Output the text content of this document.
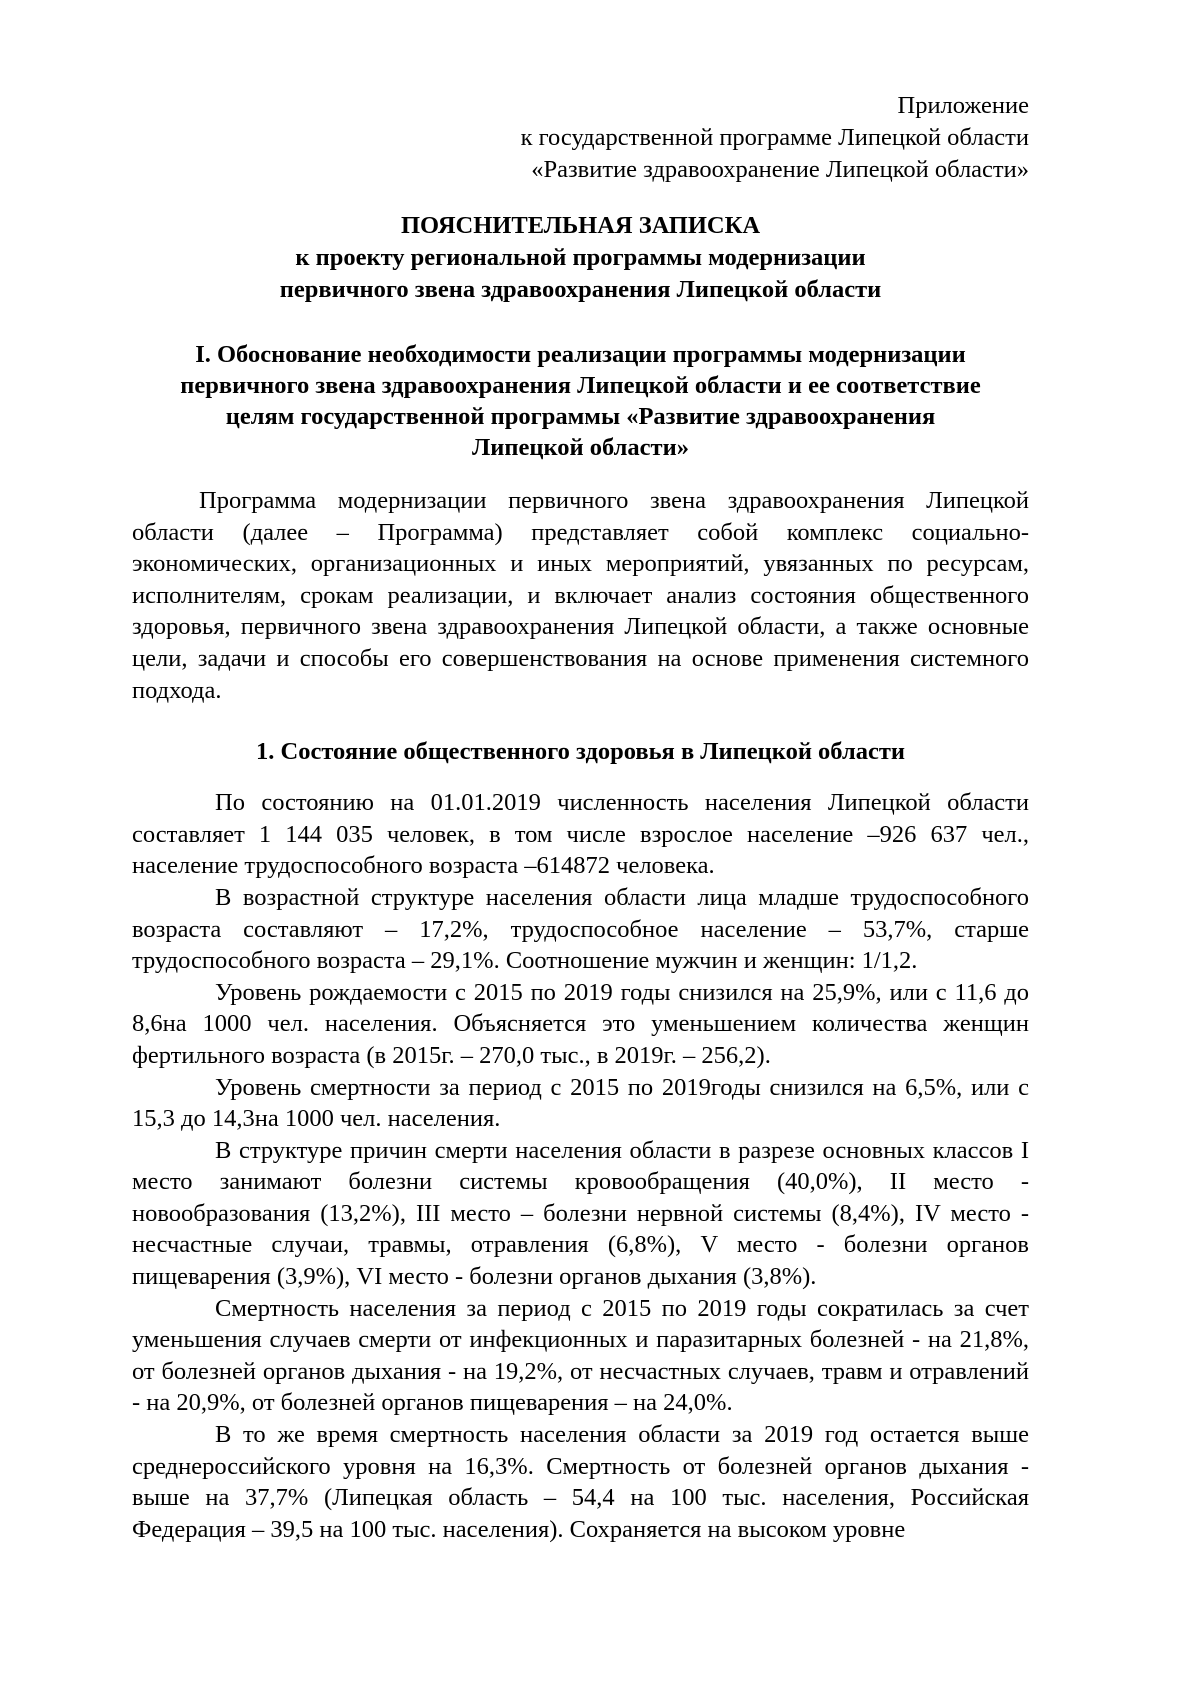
Приложение
к государственной программе Липецкой области
«Развитие здравоохранение Липецкой области»
ПОЯСНИТЕЛЬНАЯ ЗАПИСКА
к проекту региональной программы модернизации
первичного звена здравоохранения Липецкой области
I. Обоснование необходимости реализации программы модернизации
первичного звена здравоохранения Липецкой области и ее соответствие
целям государственной программы «Развитие здравоохранения
Липецкой области»

Программа модернизации первичного звена здравоохранения Липецкой области (далее – Программа) представляет собой комплекс социально-экономических, организационных и иных мероприятий, увязанных по ресурсам, исполнителям, срокам реализации, и включает анализ состояния общественного здоровья, первичного звена здравоохранения Липецкой области, а также основные цели, задачи и способы его совершенствования на основе применения системного подхода.

1. Состояние общественного здоровья в Липецкой области

По состоянию на 01.01.2019 численность населения Липецкой области составляет 1 144 035 человек, в том числе взрослое население –926 637 чел., население трудоспособного возраста –614872 человека.

В возрастной структуре населения области лица младше трудоспособного возраста составляют – 17,2%, трудоспособное население – 53,7%, старше трудоспособного возраста – 29,1%. Соотношение мужчин и женщин: 1/1,2.

Уровень рождаемости с 2015 по 2019 годы снизился на 25,9%, или с 11,6 до 8,6на 1000 чел. населения. Объясняется это уменьшением количества женщин фертильного возраста (в 2015г. – 270,0 тыс., в 2019г. – 256,2).

Уровень смертности за период с 2015 по 2019годы снизился на 6,5%, или с 15,3 до 14,3на 1000 чел. населения.

В структуре причин смерти населения области в разрезе основных классов I место занимают болезни системы кровообращения (40,0%), II место - новообразования (13,2%), III место – болезни нервной системы (8,4%), IV место - несчастные случаи, травмы, отравления (6,8%), V место - болезни органов пищеварения (3,9%), VI место - болезни органов дыхания (3,8%).

Смертность населения за период с 2015 по 2019 годы сократилась за счет уменьшения случаев смерти от инфекционных и паразитарных болезней - на 21,8%, от болезней органов дыхания - на 19,2%, от несчастных случаев, травм и отравлений - на 20,9%, от болезней органов пищеварения – на 24,0%.

В то же время смертность населения области за 2019 год остается выше среднероссийского уровня на 16,3%. Смертность от болезней органов дыхания - выше на 37,7% (Липецкая область – 54,4 на 100 тыс. населения, Российская Федерация – 39,5 на 100 тыс. населения). Сохраняется на высоком уровне
